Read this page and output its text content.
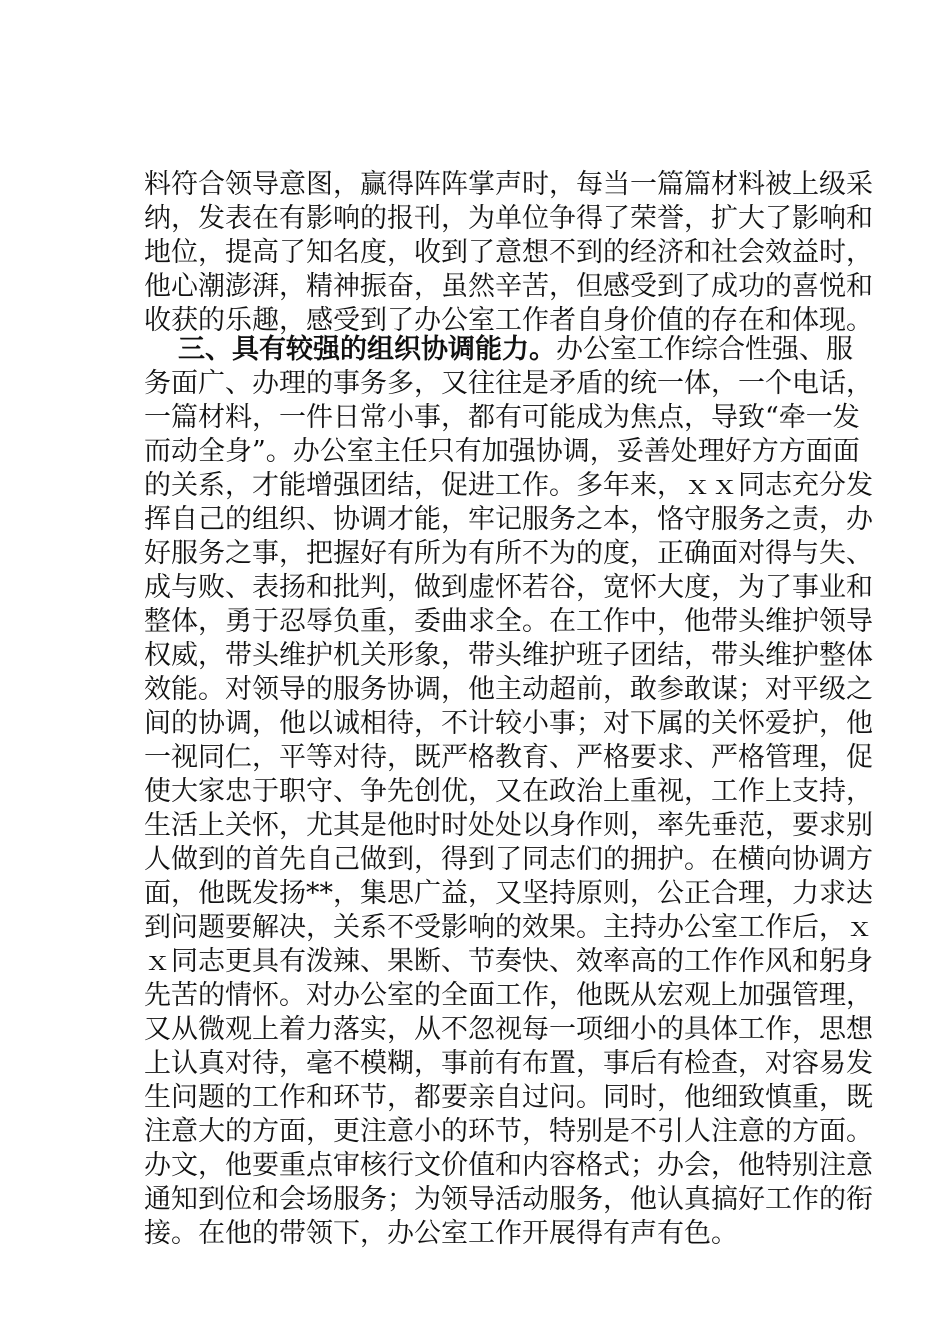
料符合领导意图，赢得阵阵掌声时，每当一篇篇材料被上级采
纳，发表在有影响的报刊，为单位争得了荣誉，扩大了影响和
地位，提高了知名度，收到了意想不到的经济和社会效益时，
他心潮澎湃，精神振奋，虽然辛苦，但感受到了成功的喜悦和
收获的乐趣，感受到了办公室工作者自身价值的存在和体现。
三、具有较强的组织协调能力。办公室工作综合性强、服
务面广、办理的事务多，又往往是矛盾的统一体，一个电话，
一篇材料，一件日常小事，都有可能成为焦点，导致“牵一发
而动全身”。办公室主任只有加强协调，妥善处理好方方面面
的关系，才能增强团结，促进工作。多年来，ｘｘ同志充分发
挥自己的组织、协调才能，牢记服务之本，恪守服务之责，办
好服务之事，把握好有所为有所不为的度，正确面对得与失、
成与败、表扬和批判，做到虚怀若谷，宽怀大度，为了事业和
整体，勇于忍辱负重，委曲求全。在工作中，他带头维护领导
权威，带头维护机关形象，带头维护班子团结，带头维护整体
效能。对领导的服务协调，他主动超前，敢参敢谋；对平级之
间的协调，他以诚相待，不计较小事；对下属的关怀爱护，他
一视同仁，平等对待，既严格教育、严格要求、严格管理，促
使大家忠于职守、争先创优，又在政治上重视，工作上支持，
生活上关怀，尤其是他时时处处以身作则，率先垂范，要求别
人做到的首先自己做到，得到了同志们的拥护。在横向协调方
面，他既发扬**，集思广益，又坚持原则，公正合理，力求达
到问题要解决，关系不受影响的效果。主持办公室工作后，ｘ
ｘ同志更具有泼辣、果断、节奏快、效率高的工作作风和躬身
先苦的情怀。对办公室的全面工作，他既从宏观上加强管理，
又从微观上着力落实，从不忽视每一项细小的具体工作，思想
上认真对待，毫不模糊，事前有布置，事后有检查，对容易发
生问题的工作和环节，都要亲自过问。同时，他细致慎重，既
注意大的方面，更注意小的环节，特别是不引人注意的方面。
办文，他要重点审核行文价值和内容格式；办会，他特别注意
通知到位和会场服务；为领导活动服务，他认真搞好工作的衔
接。在他的带领下，办公室工作开展得有声有色。
